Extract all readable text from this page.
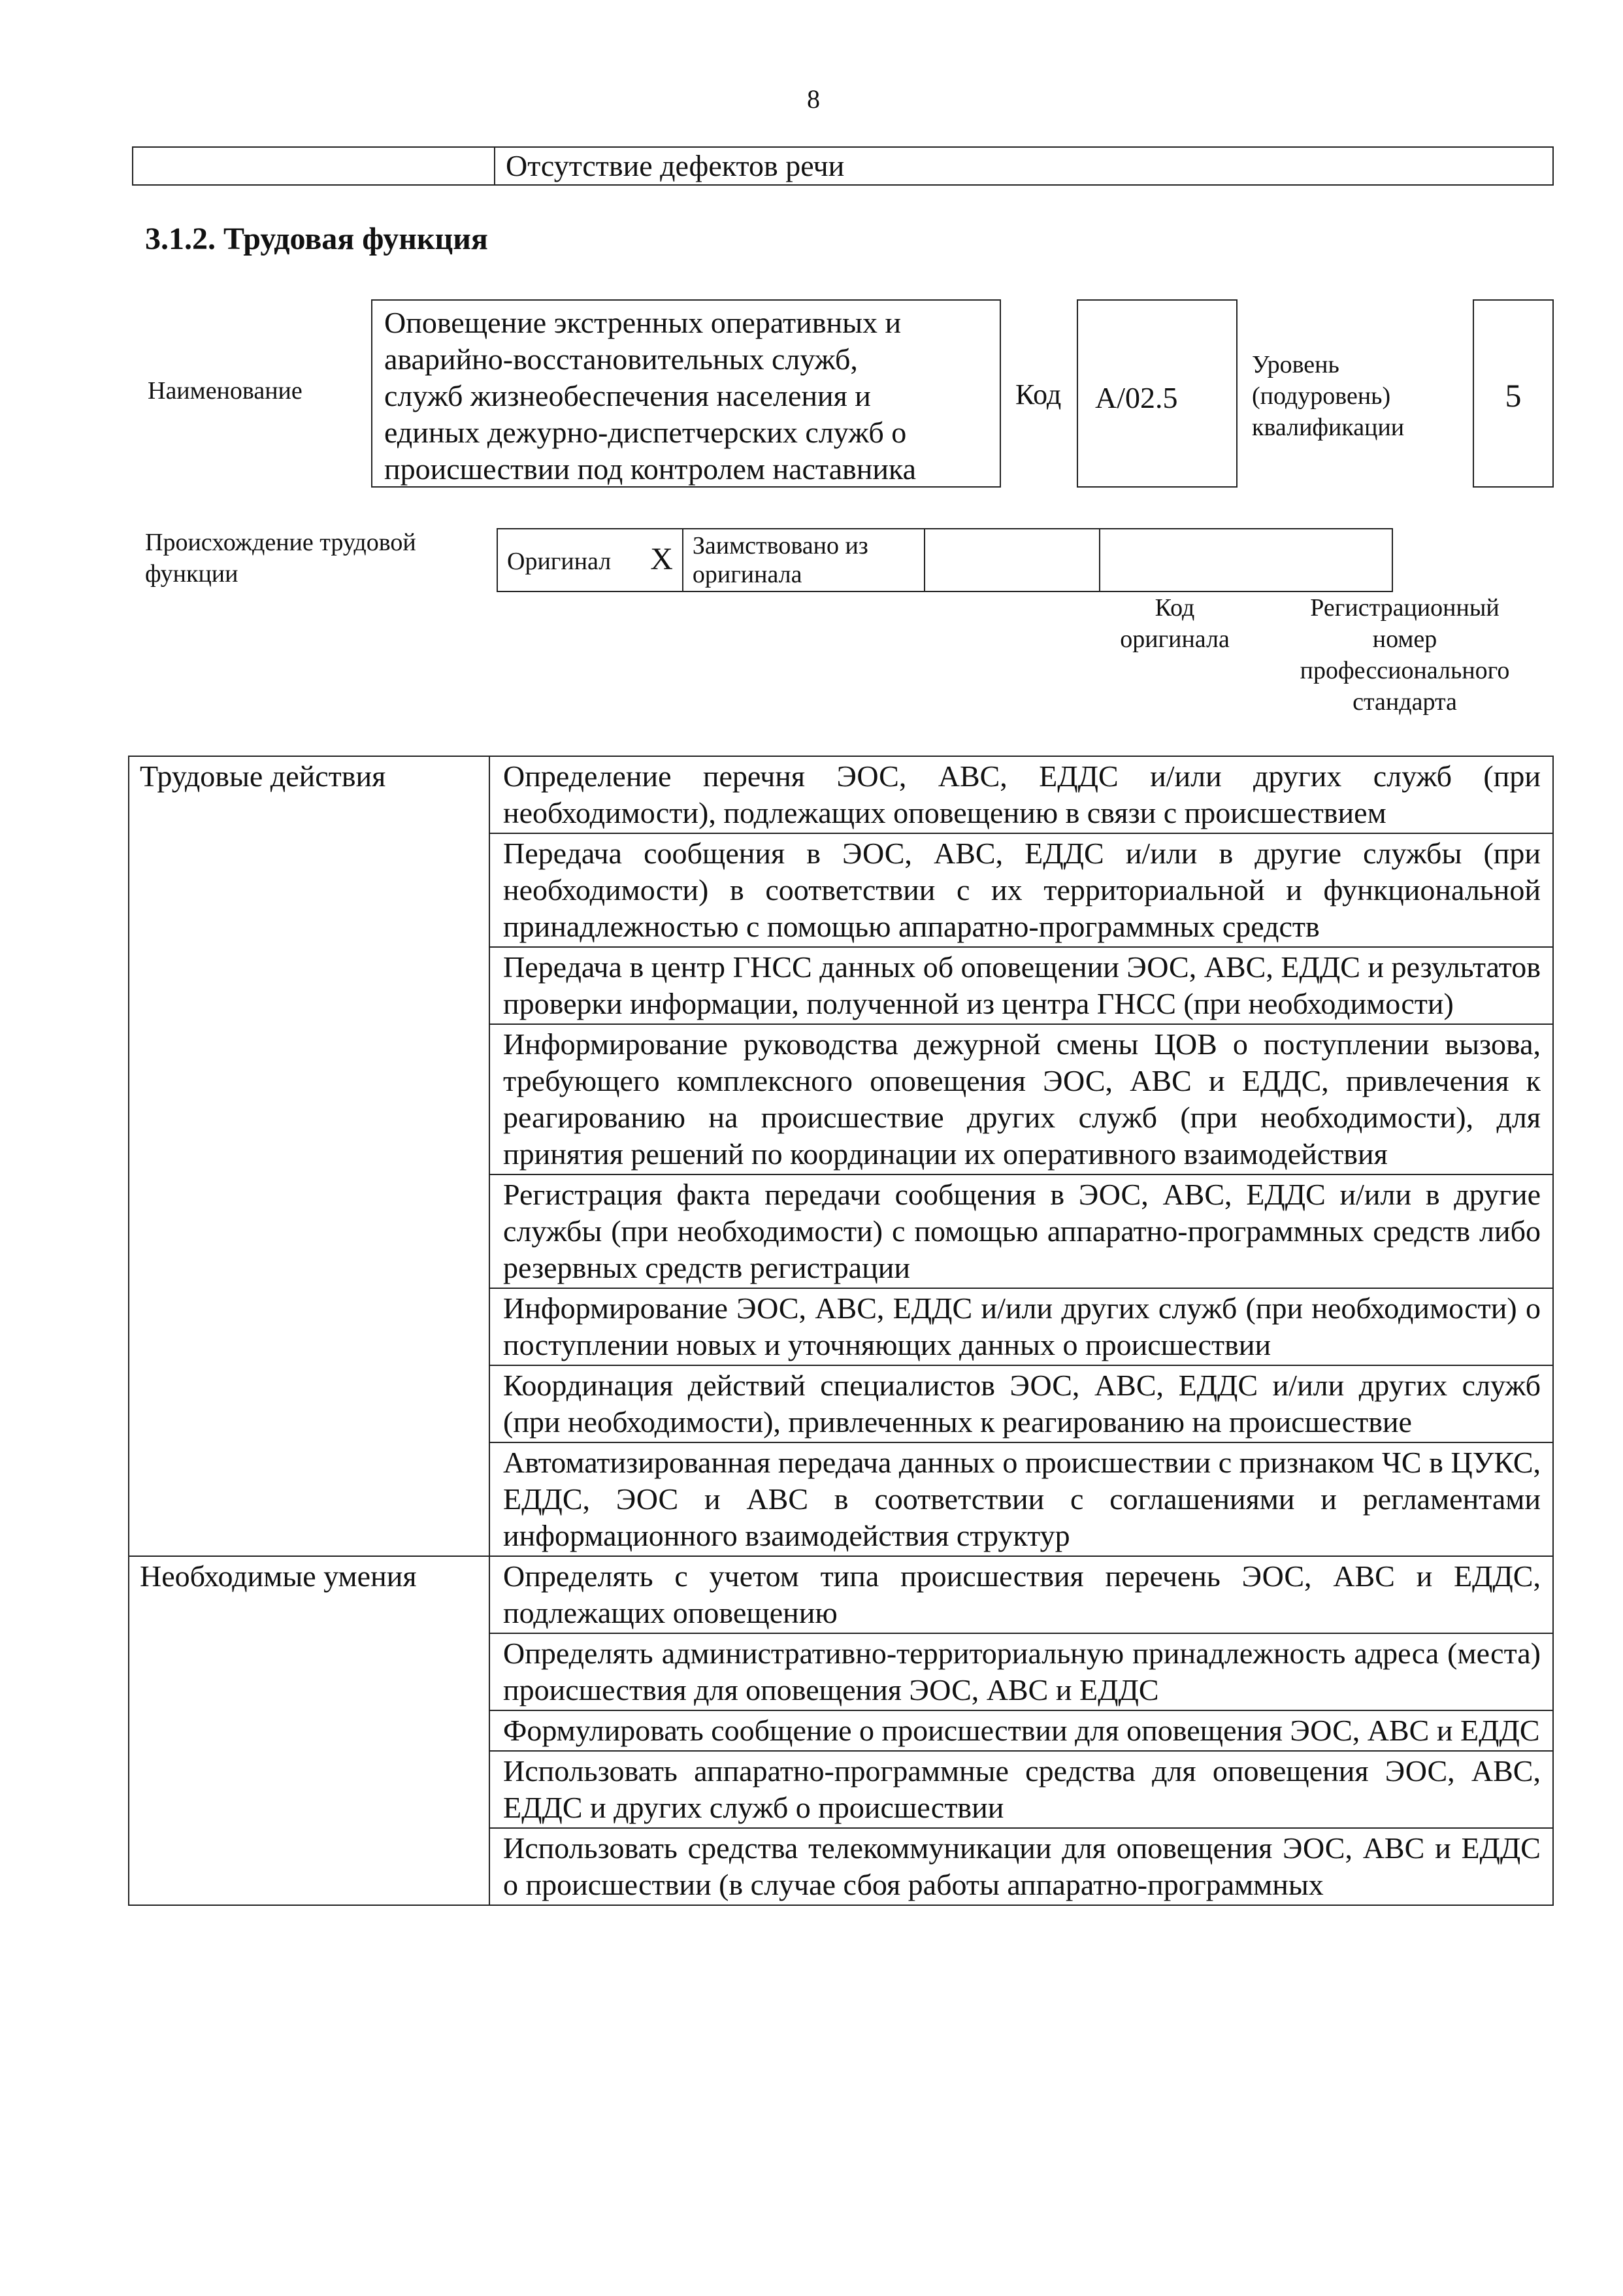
8
	Отсутствие дефектов речи
3.1.2. Трудовая функция
Наименование
Оповещение экстренных оперативных и
аварийно-восстановительных служб,
служб жизнеобеспечения населения и
единых дежурно-диспетчерских служб о
происшествии под контролем наставника
Код	А/02.5
Уровень
(подуровень)
квалификации
5
Происхождение трудовой
функции	Оригинал X	Заимствовано из
оригинала

Код
оригинала
Регистрационный
номер
профессионального
стандарта
Трудовые действия	Определение перечня ЭОС, АВС, ЕДДС и/или других служб (при необходимости), подлежащих оповещению в связи с происшествием
	Передача сообщения в ЭОС, АВС, ЕДДС и/или в другие службы (при необходимости) в соответствии с их территориальной и функциональной принадлежностью с помощью аппаратно-программных средств
	Передача в центр ГНСС данных об оповещении ЭОС, АВС, ЕДДС и результатов проверки информации, полученной из центра ГНСС (при необходимости)
	Информирование руководства дежурной смены ЦОВ о поступлении вызова, требующего комплексного оповещения ЭОС, АВС и ЕДДС, привлечения к реагированию на происшествие других служб (при необходимости), для принятия решений по координации их оперативного взаимодействия
	Регистрация факта передачи сообщения в ЭОС, АВС, ЕДДС и/или в другие службы (при необходимости) с помощью аппаратно-программных средств либо резервных средств регистрации
	Информирование ЭОС, АВС, ЕДДС и/или других служб (при необходимости) о поступлении новых и уточняющих данных о происшествии
	Координация действий специалистов ЭОС, АВС, ЕДДС и/или других служб (при необходимости), привлеченных к реагированию на происшествие
	Автоматизированная передача данных о происшествии с признаком ЧС в ЦУКС, ЕДДС, ЭОС и АВС в соответствии с соглашениями и регламентами информационного взаимодействия структур
Необходимые умения	Определять с учетом типа происшествия перечень ЭОС, АВС и ЕДДС, подлежащих оповещению
	Определять административно-территориальную принадлежность адреса (места) происшествия для оповещения ЭОС, АВС и ЕДДС
	Формулировать сообщение о происшествии для оповещения ЭОС, АВС и ЕДДС
	Использовать аппаратно-программные средства для оповещения ЭОС, АВС, ЕДДС и других служб о происшествии
	Использовать средства телекоммуникации для оповещения ЭОС, АВС и ЕДДС о происшествии (в случае сбоя работы аппаратно-программных
